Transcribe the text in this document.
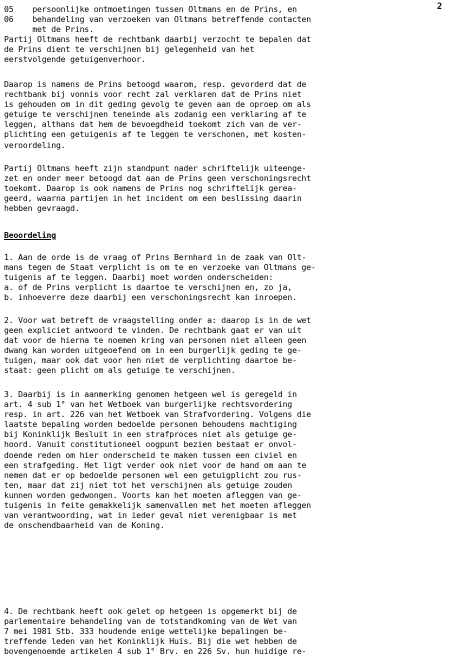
2
05    persoonlijke ontmoetingen tussen Oltmans en de Prins, en
06    behandeling van verzoeken van Oltmans betreffende contacten
met de Prins.
Partij Oltmans heeft de rechtbank daarbij verzocht te bepalen dat
de Prins dient te verschijnen bij gelegenheid van het
eerstvolgende getuigenverhoor.
Daarop is namens de Prins betoogd waarom, resp. gevorderd dat de
rechtbank bij vonnis voor recht zal verklaren dat de Prins niet
is gehouden om in dit geding gevolg te geven aan de oproep om als
getuige te verschijnen teneinde als zodanig een verklaring af te
leggen, althans dat hem de bevoegdheid toekomt zich van de ver-
plichting een getuigenis af te leggen te verschonen, met kosten-
veroordeling.
Partij Oltmans heeft zijn standpunt nader schriftelijk uiteenge-
zet en onder meer betoogd dat aan de Prins geen verschoningsrecht
toekomt. Daarop is ook namens de Prins nog schriftelijk gerea-
geerd, waarna partijen in het incident om een beslissing daarin
hebben gevraagd.
Beoordeling
1. Aan de orde is de vraag of Prins Bernhard in de zaak van Olt-
mans tegen de Staat verplicht is om te en verzoeke van Oltmans ge-
tuigenis af te leggen. Daarbij moet worden onderscheiden:
a. of de Prins verplicht is daartoe te verschijnen en, zo ja,
b. inhoeverre deze daarbij een verschoningsrecht kan inroepen.
2. Voor wat betreft de vraagstelling onder a: daarop is in de wet
geen expliciet antwoord te vinden. De rechtbank gaat er van uit
dat voor de hierna te noemen kring van personen niet alleen geen
dwang kan worden uitgeoefend om in een burgerlijk geding te ge-
tuigen, maar ook dat voor hen niet de verplichting daartoe be-
staat: geen plicht om als getuige te verschijnen.
3. Daarbij is in aanmerking genomen hetgeen wel is geregeld in
art. 4 sub 1° van het Wetboek van burgerlijke rechtsvordering
resp. in art. 226 van het Wetboek van Strafvordering. Volgens die
laatste bepaling worden bedoelde personen behoudens machtiging
bij Koninklijk Besluit in een strafproces niet als getuige ge-
hoord. Vanuit constitutioneel oogpunt bezien bestaat er onvol-
doende reden om hier onderscheid te maken tussen een civiel en
een strafgeding. Het ligt verder ook niet voor de hand om aan te
nemen dat er op bedoelde personen wel een getuigplicht zou rus-
ten, maar dat zij niet tot het verschijnen als getuige zouden
kunnen worden gedwongen. Voorts kan het moeten afleggen van ge-
tuigenis in feite gemakkelijk samenvallen met het moeten afleggen
van verantwoording, wat in ieder geval niet verenigbaar is met
de onschendbaarheid van de Koning.
4. De rechtbank heeft ook gelet op hetgeen is opgemerkt bij de
parlementaire behandeling van de totstandkoming van de Wet van
7 mei 1981 Stb. 333 houdende enige wettelijke bepalingen be-
treffende leden van het Koninklijk Huis. Bij die wet hebben de
bovengenoemde artikelen 4 sub 1° Brv. en 226 Sv. hun huidige re-
